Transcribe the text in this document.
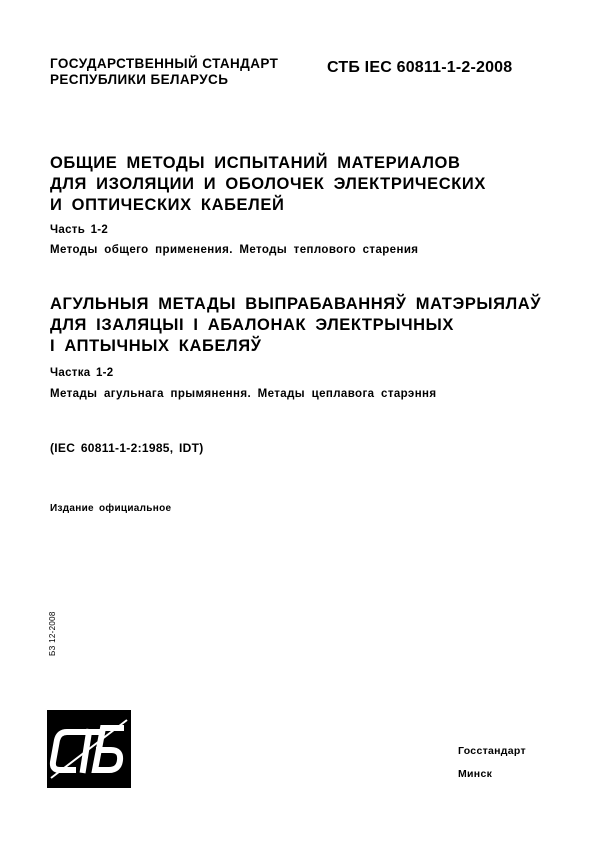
ГОСУДАРСТВЕННЫЙ СТАНДАРТ
РЕСПУБЛИКИ БЕЛАРУСЬ
СТБ IEC 60811-1-2-2008
ОБЩИЕ МЕТОДЫ ИСПЫТАНИЙ МАТЕРИАЛОВ
ДЛЯ ИЗОЛЯЦИИ И ОБОЛОЧЕК ЭЛЕКТРИЧЕСКИХ
И ОПТИЧЕСКИХ КАБЕЛЕЙ
Часть 1-2
Методы общего применения. Методы теплового старения
АГУЛЬНЫЯ МЕТАДЫ ВЫПРАБАВАННЯЎ МАТЭРЫЯЛАЎ
ДЛЯ ІЗАЛЯЦЫІ І АБАЛОНАК ЭЛЕКТРЫЧНЫХ
І АПТЫЧНЫХ КАБЕЛЯЎ
Частка 1-2
Метады агульнага прымянення. Метады цеплавога старэння
(IEC 60811-1-2:1985, IDT)
Издание официальное
БЗ 12-2008
Госстандарт
Минск
